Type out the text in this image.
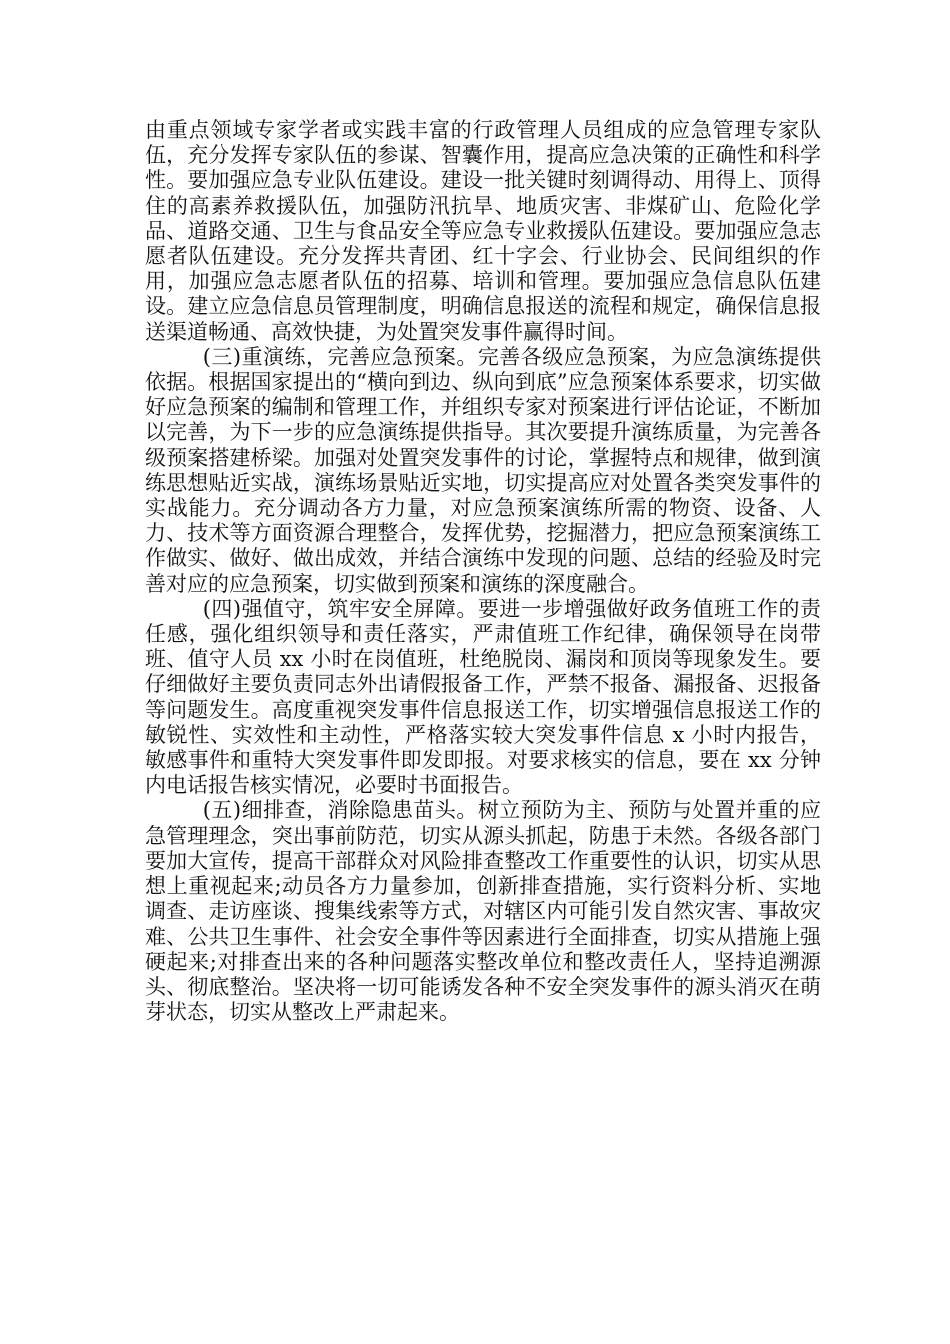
由重点领域专家学者或实践丰富的行政管理人员组成的应急管理专家队伍，充分发挥专家队伍的参谋、智囊作用，提高应急决策的正确性和科学性。要加强应急专业队伍建设。建设一批关键时刻调得动、用得上、顶得住的高素养救援队伍，加强防汛抗旱、地质灾害、非煤矿山、危险化学品、道路交通、卫生与食品安全等应急专业救援队伍建设。要加强应急志愿者队伍建设。充分发挥共青团、红十字会、行业协会、民间组织的作用，加强应急志愿者队伍的招募、培训和管理。要加强应急信息队伍建设。建立应急信息员管理制度，明确信息报送的流程和规定，确保信息报送渠道畅通、高效快捷，为处置突发事件赢得时间。

(三)重演练，完善应急预案。完善各级应急预案，为应急演练提供依据。根据国家提出的“横向到边、纵向到底”应急预案体系要求，切实做好应急预案的编制和管理工作，并组织专家对预案进行评估论证，不断加以完善，为下一步的应急演练提供指导。其次要提升演练质量，为完善各级预案搭建桥梁。加强对处置突发事件的讨论，掌握特点和规律，做到演练思想贴近实战，演练场景贴近实地，切实提高应对处置各类突发事件的实战能力。充分调动各方力量，对应急预案演练所需的物资、设备、人力、技术等方面资源合理整合，发挥优势，挖掘潜力，把应急预案演练工作做实、做好、做出成效，并结合演练中发现的问题、总结的经验及时完善对应的应急预案，切实做到预案和演练的深度融合。

(四)强值守，筑牢安全屏障。要进一步增强做好政务值班工作的责任感，强化组织领导和责任落实，严肃值班工作纪律，确保领导在岗带班、值守人员 xx 小时在岗值班，杜绝脱岗、漏岗和顶岗等现象发生。要仔细做好主要负责同志外出请假报备工作，严禁不报备、漏报备、迟报备等问题发生。高度重视突发事件信息报送工作，切实增强信息报送工作的敏锐性、实效性和主动性，严格落实较大突发事件信息 x 小时内报告，敏感事件和重特大突发事件即发即报。对要求核实的信息，要在 xx 分钟内电话报告核实情况，必要时书面报告。

(五)细排查，消除隐患苗头。树立预防为主、预防与处置并重的应急管理理念，突出事前防范，切实从源头抓起，防患于未然。各级各部门要加大宣传，提高干部群众对风险排查整改工作重要性的认识，切实从思想上重视起来;动员各方力量参加，创新排查措施，实行资料分析、实地调查、走访座谈、搜集线索等方式，对辖区内可能引发自然灾害、事故灾难、公共卫生事件、社会安全事件等因素进行全面排查，切实从措施上强硬起来;对排查出来的各种问题落实整改单位和整改责任人，坚持追溯源头、彻底整治。坚决将一切可能诱发各种不安全突发事件的源头消灭在萌芽状态，切实从整改上严肃起来。
